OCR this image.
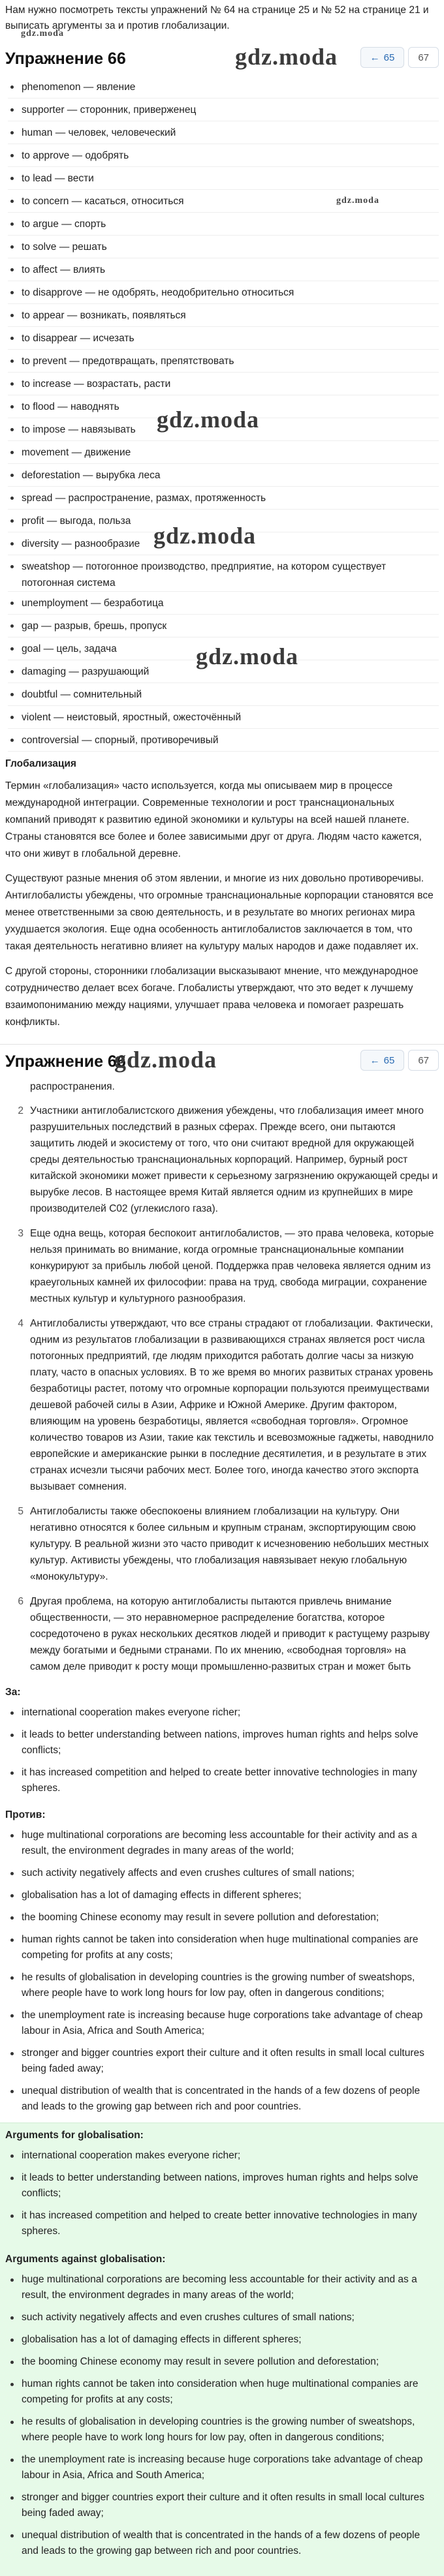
Нам нужно посмотреть тексты упражнений № 64 на странице 25 и № 52 на странице 21 и выписать аргументы за и против глобализации.
gdz.moda
Упражнение 66	gdz.moda	← 65 67
phenomenon — явление
supporter — сторонник, приверженец
human — человек, человеческий
to approve — одобрять
to lead — вести
to concern — касаться, относиться
to argue — спорть
to solve — решать
to affect — влиять
to disapprove — не одобрять, неодобрительно относиться
to appear — возникать, появляться
to disappear — исчезать
to prevent — предотвращать, препятствовать
to increase — возрастать, расти
to flood — наводнять
to impose — навязывать
movement — движение
deforestation — вырубка леса
spread — распространение, размах, протяженность
profit — выгода, польза
diversity — разнообразие
sweatshop — потогонное производство, предприятие, на котором существует потогонная система
unemployment — безработица
gap — разрыв, брешь, пропуск
goal — цель, задача
damaging — разрушающий
doubtful — сомнительный
violent — неистовый, яростный, ожесточённый
controversial — спорный, противоречивый
Глобализация

Термин «глобализация» часто используется, когда мы описываем мир в процессе международной интеграции. Современные технологии и рост транснациональных компаний приводят к развитию единой экономики и культуры на всей нашей планете. Страны становятся все более и более зависимыми друг от друга. Людям часто кажется, что они живут в глобальной деревне.

Существуют разные мнения об этом явлении, и многие из них довольно противоречивы. Антиглобалисты убеждены, что огромные транснациональные корпорации становятся все менее ответственными за свою деятельность, и в результате во многих регионах мира ухудшается экология. Еще одна особенность антиглобалистов заключается в том, что такая деятельность негативно влияет на культуру малых народов и даже подавляет их.

С другой стороны, сторонники глобализации высказывают мнение, что международное сотрудничество делает всех богаче. Глобалисты утверждают, что это ведет к лучшему взаимопониманию между нациями, улучшает права человека и помогает разрешать конфликты.

Упражнение 66
gdz.moda	← 65 67
распространения.
2 Участники антиглобалистского движения убеждены, что глобализация имеет много разрушительных последствий в разных сферах. Прежде всего, они пытаются защитить людей и экосистему от того, что они считают вредной для окружающей среды деятельностью транснациональных корпораций. Например, бурный рост китайской экономики может привести к серьезному загрязнению окружающей среды и вырубке лесов. В настоящее время Китай является одним из крупнейших в мире производителей C02 (углекислого газа).
3 Еще одна вещь, которая беспокоит антиглобалистов, — это права человека, которые нельзя принимать во внимание, когда огромные транснациональные компании конкурируют за прибыль любой ценой. Поддержка прав человека является одним из краеугольных камней их философии: права на труд, свобода миграции, сохранение местных культур и культурного разнообразия.
4 Антиглобалисты утверждают, что все страны страдают от глобализации. Фактически, одним из результатов глобализации в развивающихся странах является рост числа потогонных предприятий, где людям приходится работать долгие часы за низкую плату, часто в опасных условиях. В то же время во многих развитых странах уровень безработицы растет, потому что огромные корпорации пользуются преимуществами дешевой рабочей силы в Азии, Африке и Южной Америке. Другим фактором, влияющим на уровень безработицы, является «свободная торговля». Огромное количество товаров из Азии, такие как текстиль и всевозможные гаджеты, наводнило европейские и американские рынки в последние десятилетия, и в результате в этих странах исчезли тысячи рабочих мест. Более того, иногда качество этого экспорта вызывает сомнения.
5 Антиглобалисты также обеспокоены влиянием глобализации на культуру. Они негативно относятся к более сильным и крупным странам, экспортирующим свою культуру. В реальной жизни это часто приводит к исчезновению небольших местных культур. Активисты убеждены, что глобализация навязывает некую глобальную «монокультуру».
6 Другая проблема, на которую антиглобалисты пытаются привлечь внимание общественности, — это неравномерное распределение богатства, которое сосредоточено в руках нескольких десятков людей и приводит к растущему разрыву между богатыми и бедными странами. По их мнению, «свободная торговля» на самом деле приводит к росту мощи промышленно-развитых стран и может быть
За:
international cooperation makes everyone richer;
it leads to better understanding between nations, improves human rights and helps solve conflicts;
it has increased competition and helped to create better innovative technologies in many spheres.
Против:
huge multinational corporations are becoming less accountable for their activity and as a result, the environment degrades in many areas of the world;
such activity negatively affects and even crushes cultures of small nations;
globalisation has a lot of damaging effects in different spheres;
the booming Chinese economy may result in severe pollution and deforestation;
human rights cannot be taken into consideration when huge multinational companies are competing for profits at any costs;
he results of globalisation in developing countries is the growing number of sweatshops, where people have to work long hours for low pay, often in dangerous conditions;
the unemployment rate is increasing because huge corporations take advantage of cheap labour in Asia, Africa and South America;
stronger and bigger countries export their culture and it often results in small local cultures being faded away;
unequal distribution of wealth that is concentrated in the hands of a few dozens of people and leads to the growing gap between rich and poor countries.
Arguments for globalisation:
international cooperation makes everyone richer;
it leads to better understanding between nations, improves human rights and helps solve conflicts;
it has increased competition and helped to create better innovative technologies in many spheres.
Arguments against globalisation:
huge multinational corporations are becoming less accountable for their activity and as a result, the environment degrades in many areas of the world;
such activity negatively affects and even crushes cultures of small nations;
globalisation has a lot of damaging effects in different spheres;
the booming Chinese economy may result in severe pollution and deforestation;
human rights cannot be taken into consideration when huge multinational companies are competing for profits at any costs;
he results of globalisation in developing countries is the growing number of sweatshops, where people have to work long hours for low pay, often in dangerous conditions;
the unemployment rate is increasing because huge corporations take advantage of cheap labour in Asia, Africa and South America;
stronger and bigger countries export their culture and it often results in small local cultures being faded away;
unequal distribution of wealth that is concentrated in the hands of a few dozens of people and leads to the growing gap between rich and poor countries.
gdz.moda
gdz.moda
gdz.moda
gdz.moda
